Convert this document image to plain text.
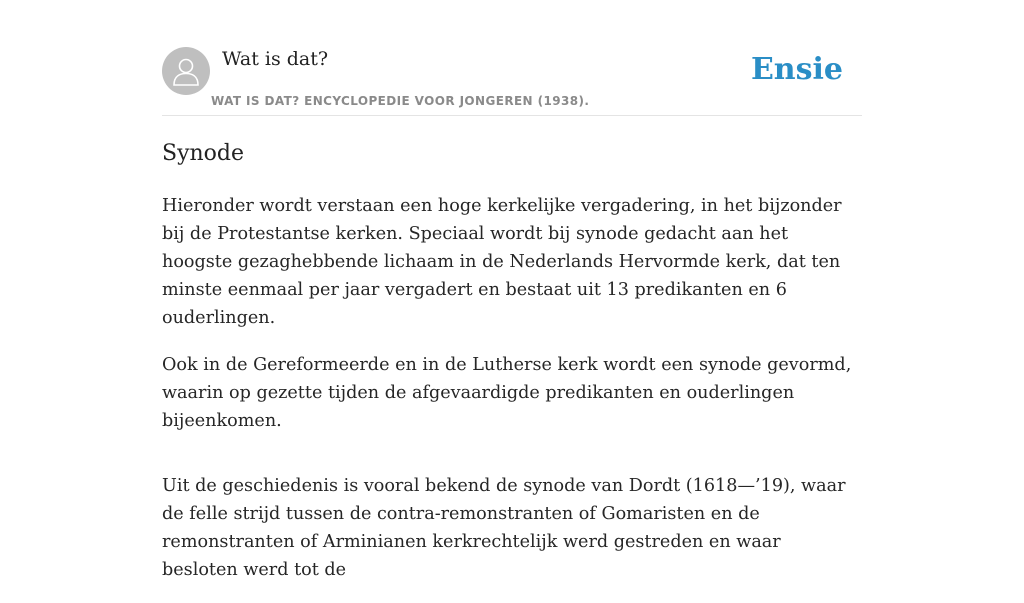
Wat is dat?
WAT IS DAT? ENCYCLOPEDIE VOOR JONGEREN (1938).
Ensie
Synode

Hieronder wordt verstaan een hoge kerkelijke vergadering, in het bijzonder bij de Protestantse kerken. Speciaal wordt bij synode gedacht aan het hoogste gezaghebbende lichaam in de Nederlands Hervormde kerk, dat ten minste eenmaal per jaar vergadert en bestaat uit 13 predikanten en 6 ouderlingen.

Ook in de Gereformeerde en in de Lutherse kerk wordt een synode gevormd, waarin op gezette tijden de afgevaardigde predikanten en ouderlingen bijeenkomen.

Uit de geschiedenis is vooral bekend de synode van Dordt (1618—’19), waar de felle strijd tussen de contra-remonstranten of Gomaristen en de remonstranten of Arminianen kerkrechtelijk werd gestreden en waar besloten werd tot de
